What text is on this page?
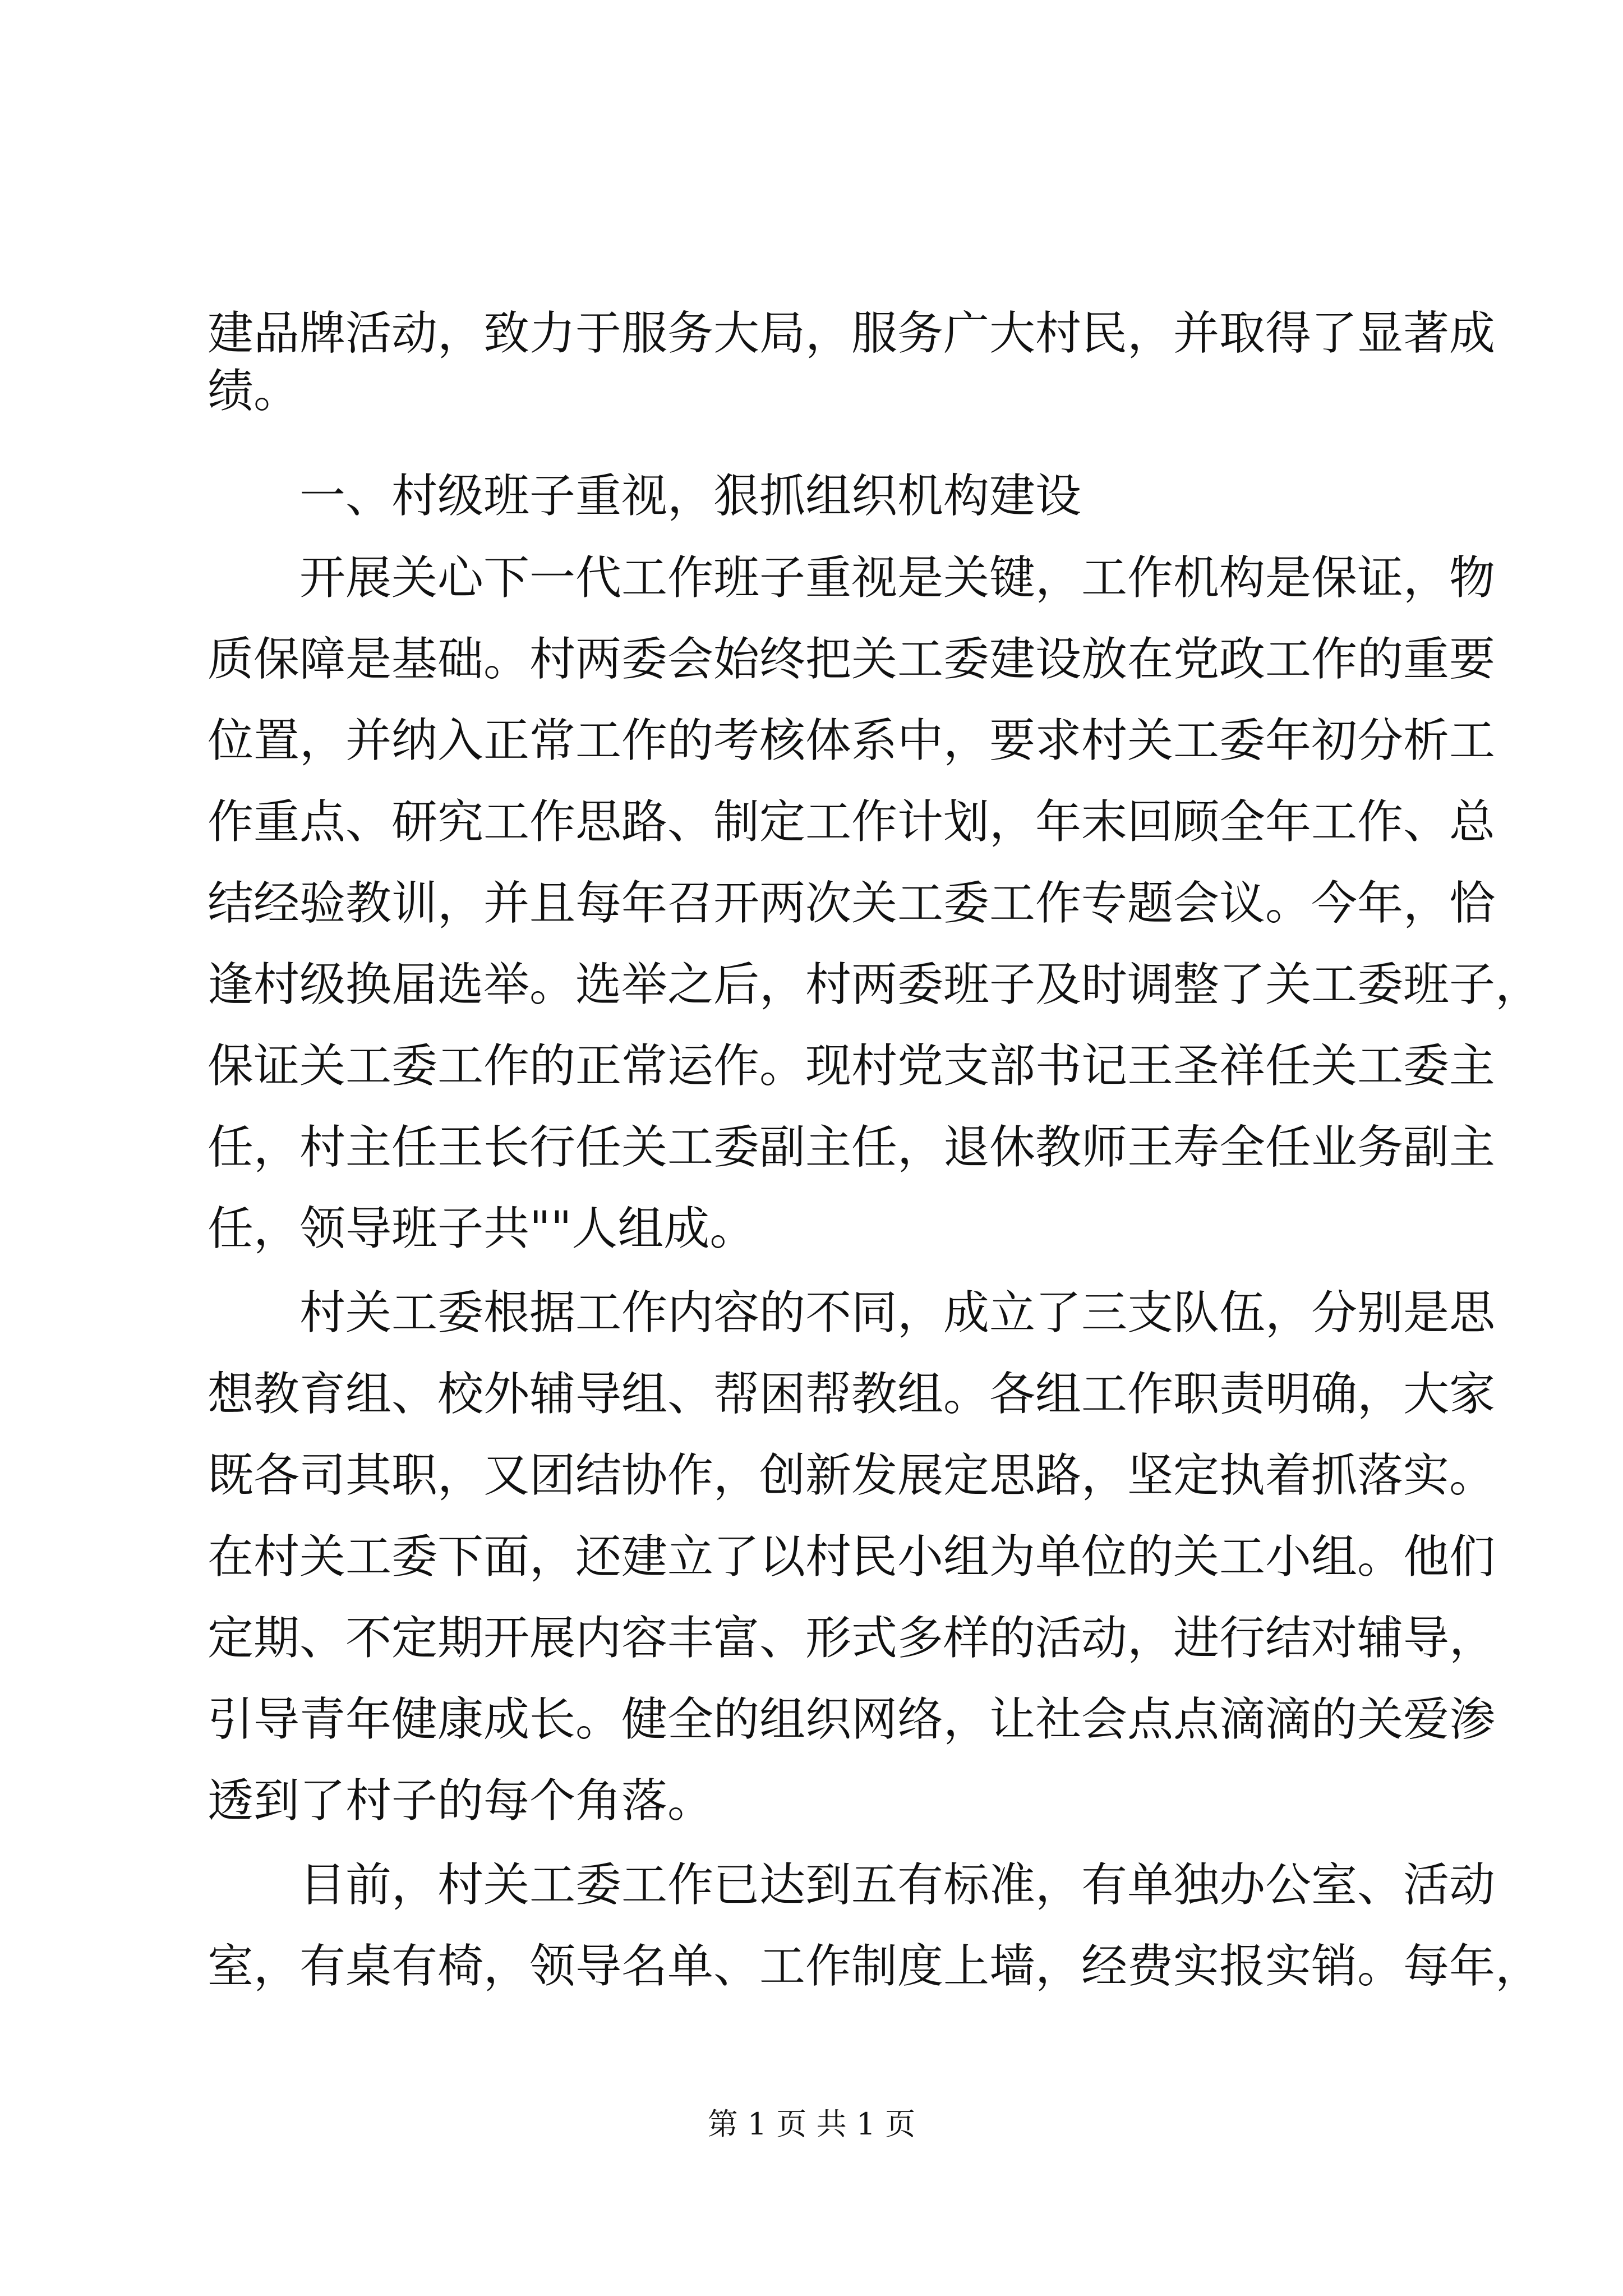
建品牌活动，致力于服务大局，服务广大村民，并取得了显著成
绩。
一、村级班子重视，狠抓组织机构建设
开展关心下一代工作班子重视是关键，工作机构是保证，物
质保障是基础。村两委会始终把关工委建设放在党政工作的重要
位置，并纳入正常工作的考核体系中，要求村关工委年初分析工
作重点、研究工作思路、制定工作计划，年末回顾全年工作、总
结经验教训，并且每年召开两次关工委工作专题会议。今年，恰
逢村级换届选举。选举之后，村两委班子及时调整了关工委班子，
保证关工委工作的正常运作。现村党支部书记王圣祥任关工委主
任，村主任王长行任关工委副主任，退休教师王寿全任业务副主
任，领导班子共""人组成。
村关工委根据工作内容的不同，成立了三支队伍，分别是思
想教育组、校外辅导组、帮困帮教组。各组工作职责明确，大家
既各司其职，又团结协作，创新发展定思路，坚定执着抓落实。
在村关工委下面，还建立了以村民小组为单位的关工小组。他们
定期、不定期开展内容丰富、形式多样的活动，进行结对辅导，
引导青年健康成长。健全的组织网络，让社会点点滴滴的关爱渗
透到了村子的每个角落。
目前，村关工委工作已达到五有标准，有单独办公室、活动
室，有桌有椅，领导名单、工作制度上墙，经费实报实销。每年，
第 1 页 共 1 页
